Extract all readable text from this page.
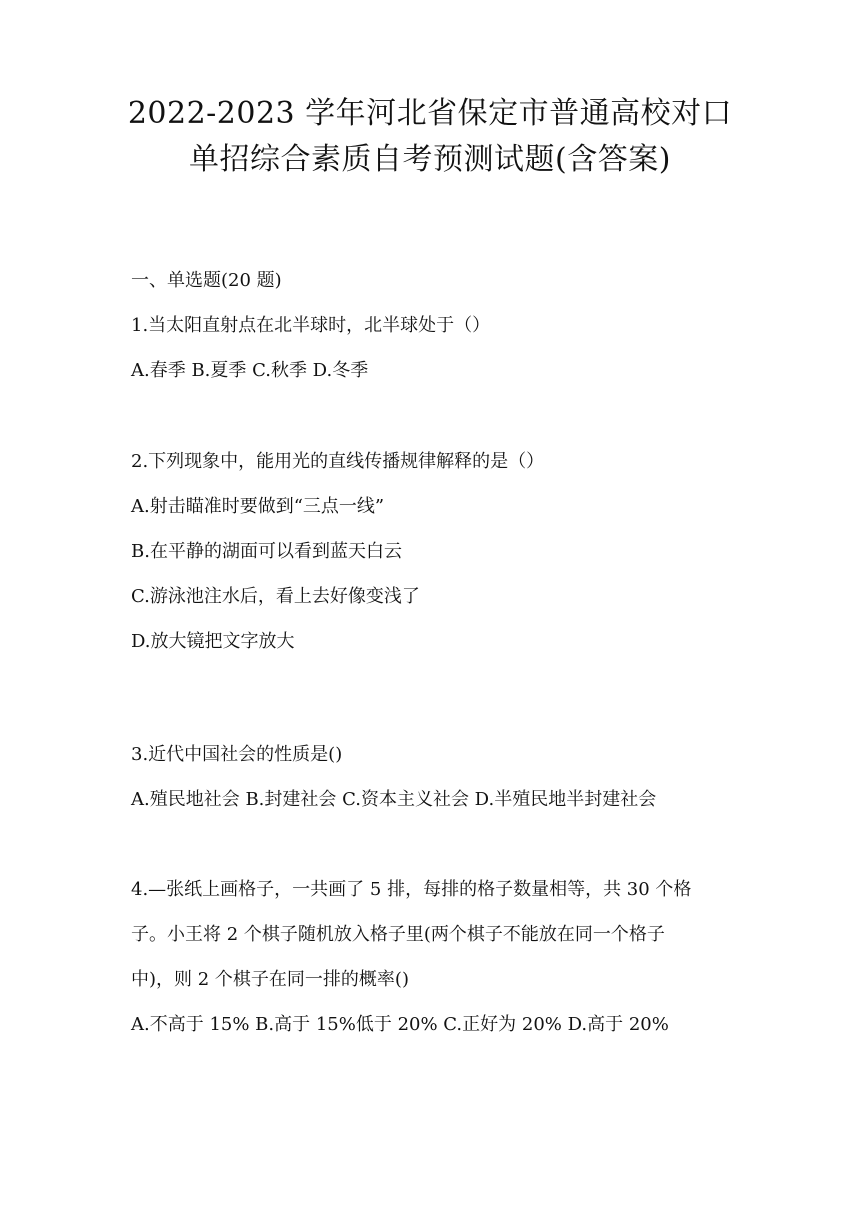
2022-2023 学年河北省保定市普通高校对口
单招综合素质自考预测试题(含答案)
一、单选题(20 题)
1.当太阳直射点在北半球时，北半球处于（）
A.春季 B.夏季 C.秋季 D.冬季
2.下列现象中，能用光的直线传播规律解释的是（）
A.射击瞄准时要做到“三点一线”
B.在平静的湖面可以看到蓝天白云
C.游泳池注水后，看上去好像变浅了
D.放大镜把文字放大
3.近代中国社会的性质是()
A.殖民地社会 B.封建社会 C.资本主义社会 D.半殖民地半封建社会
4.—张纸上画格子，一共画了 5 排，每排的格子数量相等，共 30 个格
子。小王将 2 个棋子随机放入格子里(两个棋子不能放在同一个格子
中)，则 2 个棋子在同一排的概率()
A.不高于 15% B.高于 15%低于 20% C.正好为 20% D.高于 20%
